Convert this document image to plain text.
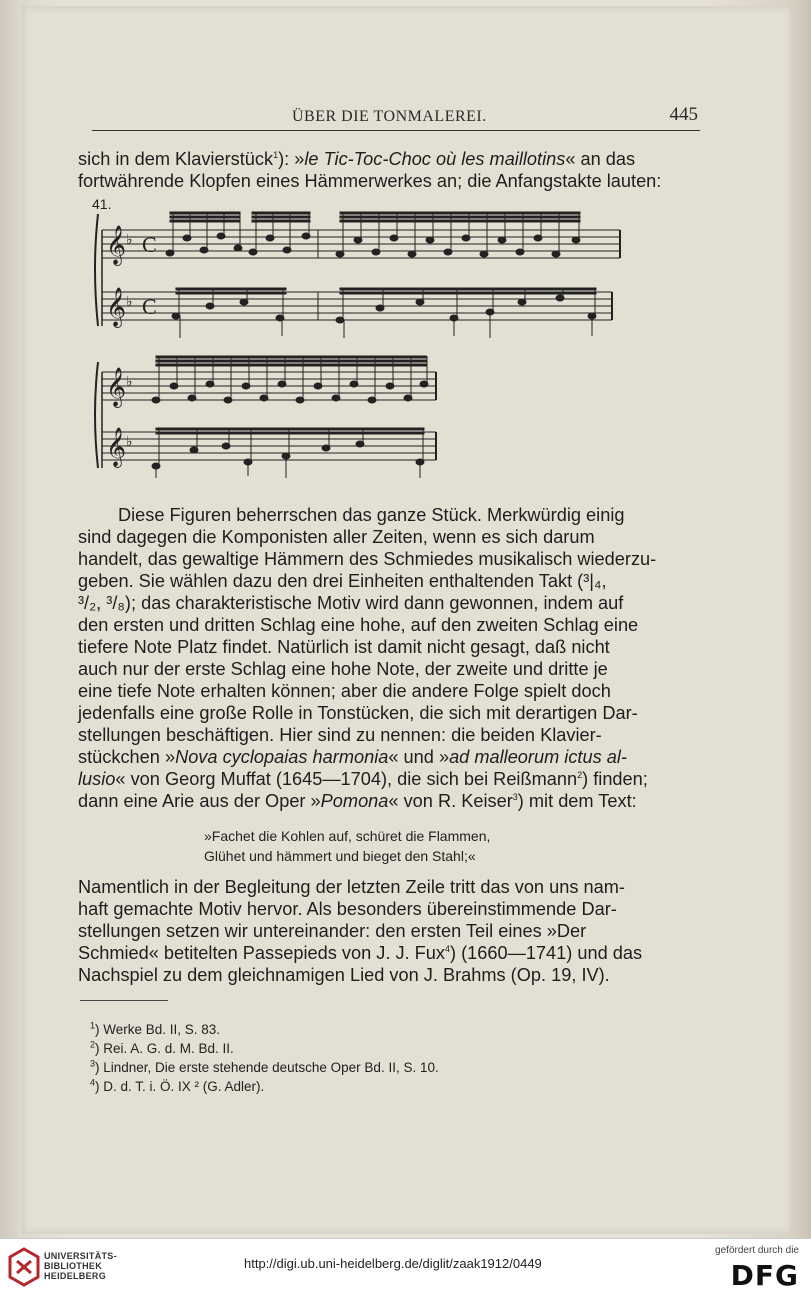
ÜBER DIE TONMALEREI.	445
sich in dem Klavierstück$^1$): »le Tic-Toc-Choc où les maillotins« an das
fortwährende Klopfen eines Hämmerwerkes an; die Anfangstakte lauten:
41.
𝄞
𝄞
♭
♭
C
C
𝄞
𝄞
♭
♭
Diese Figuren beherrschen das ganze Stück. Merkwürdig einig
sind dagegen die Komponisten aller Zeiten, wenn es sich darum
handelt, das gewaltige Hämmern des Schmiedes musikalisch wiederzu-
geben. Sie wählen dazu den drei Einheiten enthaltenden Takt (³|₄,
³/₂, ³/₈); das charakteristische Motiv wird dann gewonnen, indem auf
den ersten und dritten Schlag eine hohe, auf den zweiten Schlag eine
tiefere Note Platz findet. Natürlich ist damit nicht gesagt, daß nicht
auch nur der erste Schlag eine hohe Note, der zweite und dritte je
eine tiefe Note erhalten können; aber die andere Folge spielt doch
jedenfalls eine große Rolle in Tonstücken, die sich mit derartigen Dar-
stellungen beschäftigen. Hier sind zu nennen: die beiden Klavier-
stückchen »Nova cyclopaias harmonia« und »ad malleorum ictus al-
lusio« von Georg Muffat (1645—1704), die sich bei Reißmann$^2$) finden;
dann eine Arie aus der Oper »Pomona« von R. Keiser$^3$) mit dem Text:
»Fachet die Kohlen auf, schüret die Flammen,
Glühet und hämmert und bieget den Stahl;«
Namentlich in der Begleitung der letzten Zeile tritt das von uns nam-
haft gemachte Motiv hervor. Als besonders übereinstimmende Dar-
stellungen setzen wir untereinander: den ersten Teil eines »Der
Schmied« betitelten Passepieds von J. J. Fux$^4$) (1660—1741) und das
Nachspiel zu dem gleichnamigen Lied von J. Brahms (Op. 19, IV).
$^1$) Werke Bd. II, S. 83.
$^2$) Rei. A. G. d. M. Bd. II.
$^3$) Lindner, Die erste stehende deutsche Oper Bd. II, S. 10.
$^4$) D. d. T. i. Ö. IX ² (G. Adler).
UNIVERSITÄTS-
BIBLIOTHEK
HEIDELBERG
http://digi.ub.uni-heidelberg.de/diglit/zaak1912/0449
gefördert durch die
DFG
